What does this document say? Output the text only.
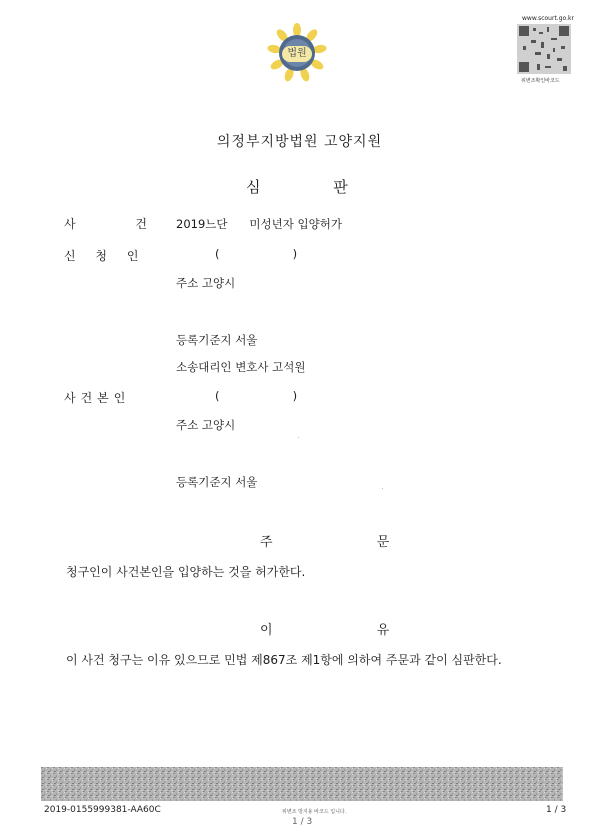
법원
www.scourt.go.kr
위변조확인바코드
의정부지방법원 고양지원
심 판
사 건 2019느단      미성년자 입양허가
신 청 인	(                    )
주소 고양시
등록기준지 서울
소송대리인 변호사 고석원
사건본인	(                    )
주소 고양시
등록기준지 서울
주 문
청구인이 사건본인을 입양하는 것을 허가한다.
이 유
이 사건 청구는 이유 있으므로 민법 제867조 제1항에 의하여 주문과 같이 심판한다.
2019-0155999381-AA60C	위변조 방지용 바코드 입니다.
1 / 3
1 / 3
